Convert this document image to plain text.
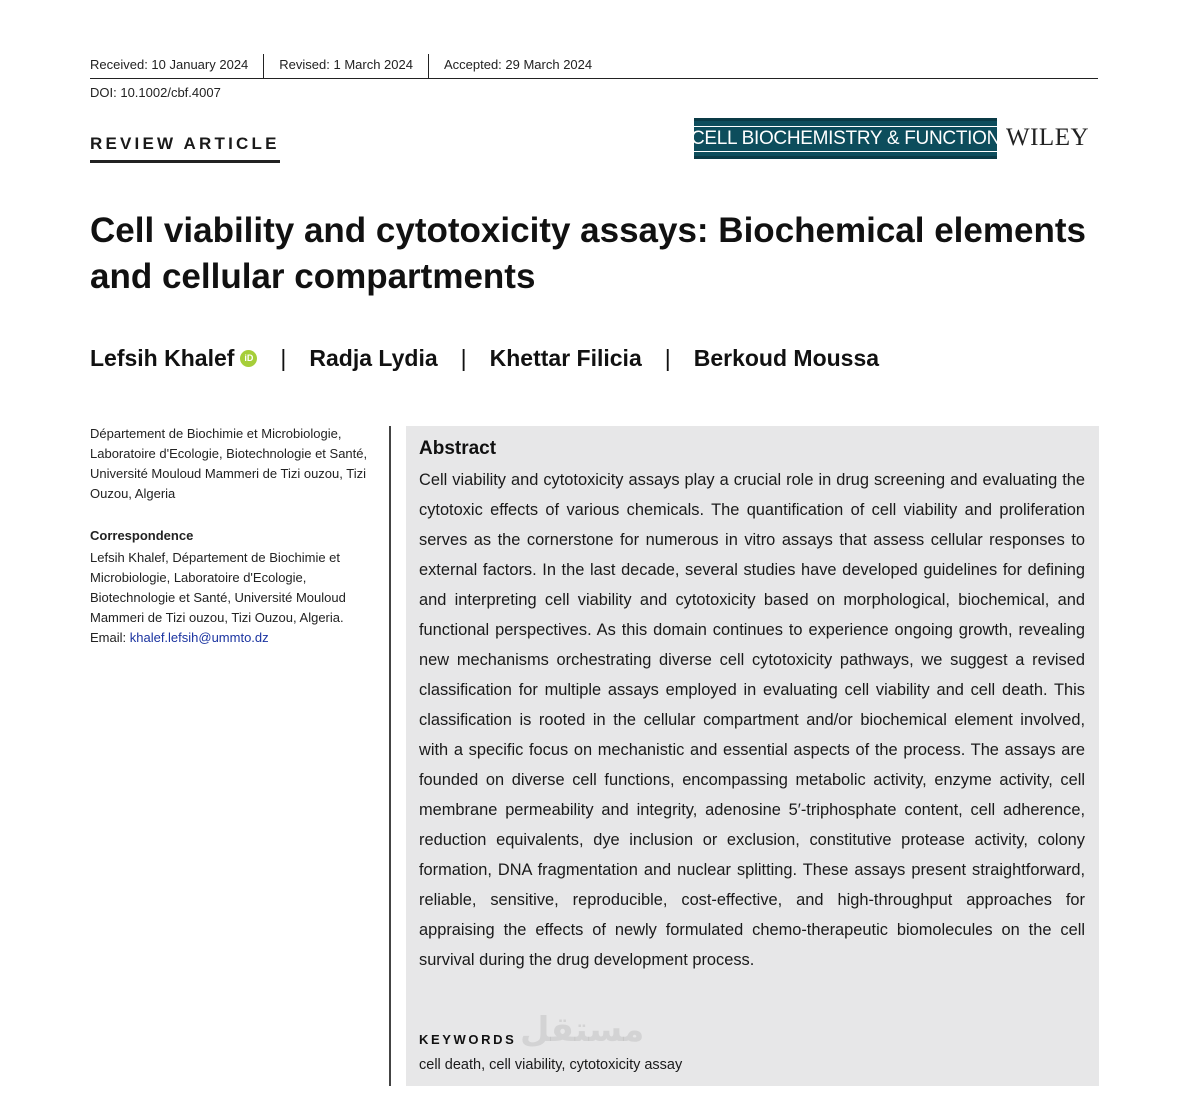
Received: 10 January 2024	Revised: 1 March 2024	Accepted: 29 March 2024
DOI: 10.1002/cbf.4007
REVIEW ARTICLE	CELL BIOCHEMISTRY & FUNCTION WILEY
Cell viability and cytotoxicity assays: Biochemical elements and cellular compartments
Lefsih Khalef	iD | Radja Lydia | Khettar Filicia | Berkoud Moussa
Département de Biochimie et Microbiologie, Laboratoire d'Ecologie, Biotechnologie et Santé, Université Mouloud Mammeri de Tizi ouzou, Tizi Ouzou, Algeria
Correspondence
Lefsih Khalef, Département de Biochimie et Microbiologie, Laboratoire d'Ecologie, Biotechnologie et Santé, Université Mouloud Mammeri de Tizi ouzou, Tizi Ouzou, Algeria.
Email: khalef.lefsih@ummto.dz
Abstract
Cell viability and cytotoxicity assays play a crucial role in drug screening and evaluating the cytotoxic effects of various chemicals. The quantification of cell viability and proliferation serves as the cornerstone for numerous in vitro assays that assess cellular responses to external factors. In the last decade, several studies have developed guidelines for defining and interpreting cell viability and cytotoxicity based on morphological, biochemical, and functional perspectives. As this domain continues to experience ongoing growth, revealing new mechanisms orchestrating diverse cell cytotoxicity pathways, we suggest a revised classification for multiple assays employed in evaluating cell viability and cell death. This classification is rooted in the cellular compartment and/or biochemical element involved, with a specific focus on mechanistic and essential aspects of the process. The assays are founded on diverse cell functions, encompassing metabolic activity, enzyme activity, cell membrane permeability and integrity, adenosine 5′-triphosphate content, cell adherence, reduction equivalents, dye inclusion or exclusion, constitutive protease activity, colony formation, DNA fragmentation and nuclear splitting. These assays present straightforward, reliable, sensitive, reproducible, cost-effective, and high-throughput approaches for appraising the effects of newly formulated chemo-therapeutic biomolecules on the cell survival during the drug development process.
KEYWORDS
cell death, cell viability, cytotoxicity assay
